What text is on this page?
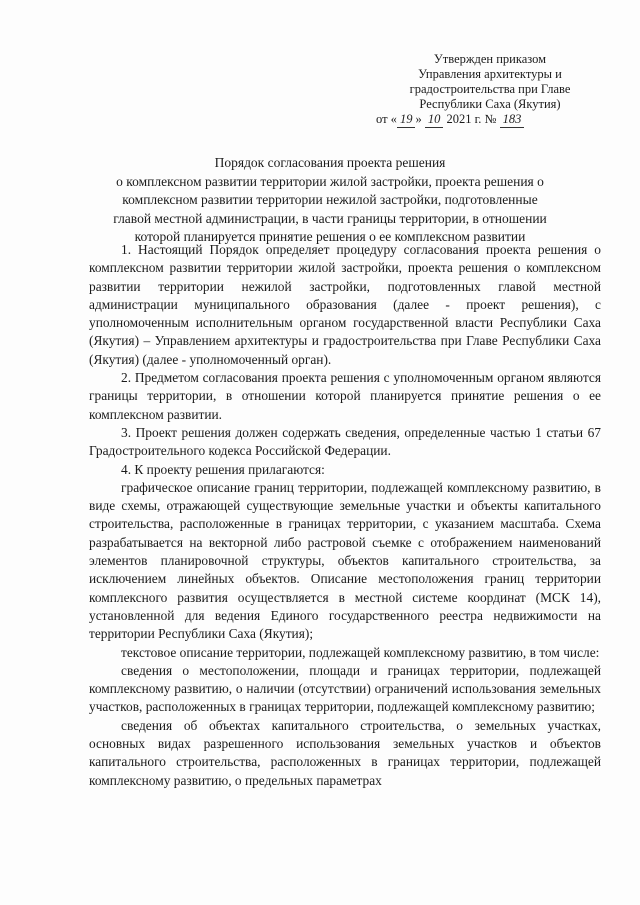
Утвержден приказом
Управления архитектуры и
градостроительства при Главе
Республики Саха (Якутия)
от « 19 » 10 2021 г. № 183
Порядок согласования проекта решения
о комплексном развитии территории жилой застройки, проекта решения о
комплексном развитии территории нежилой застройки, подготовленные
главой местной администрации, в части границы территории, в отношении
которой планируется принятие решения о ее комплексном развитии

1. Настоящий Порядок определяет процедуру согласования проекта решения о комплексном развитии территории жилой застройки, проекта решения о комплексном развитии территории нежилой застройки, подготовленных главой местной администрации муниципального образования (далее - проект решения), с уполномоченным исполнительным органом государственной власти Республики Саха (Якутия) – Управлением архитектуры и градостроительства при Главе Республики Саха (Якутия) (далее - уполномоченный орган).

2. Предметом согласования проекта решения с уполномоченным органом являются границы территории, в отношении которой планируется принятие решения о ее комплексном развитии.

3. Проект решения должен содержать сведения, определенные частью 1 статьи 67 Градостроительного кодекса Российской Федерации.

4. К проекту решения прилагаются:

графическое описание границ территории, подлежащей комплексному развитию, в виде схемы, отражающей существующие земельные участки и объекты капитального строительства, расположенные в границах территории, с указанием масштаба. Схема разрабатывается на векторной либо растровой съемке с отображением наименований элементов планировочной структуры, объектов капитального строительства, за исключением линейных объектов. Описание местоположения границ территории комплексного развития осуществляется в местной системе координат (МСК 14), установленной для ведения Единого государственного реестра недвижимости на территории Республики Саха (Якутия);

текстовое описание территории, подлежащей комплексному развитию, в том числе:

сведения о местоположении, площади и границах территории, подлежащей комплексному развитию, о наличии (отсутствии) ограничений использования земельных участков, расположенных в границах территории, подлежащей комплексному развитию;

сведения об объектах капитального строительства, о земельных участках, основных видах разрешенного использования земельных участков и объектов капитального строительства, расположенных в границах территории, подлежащей комплексному развитию, о предельных параметрах
